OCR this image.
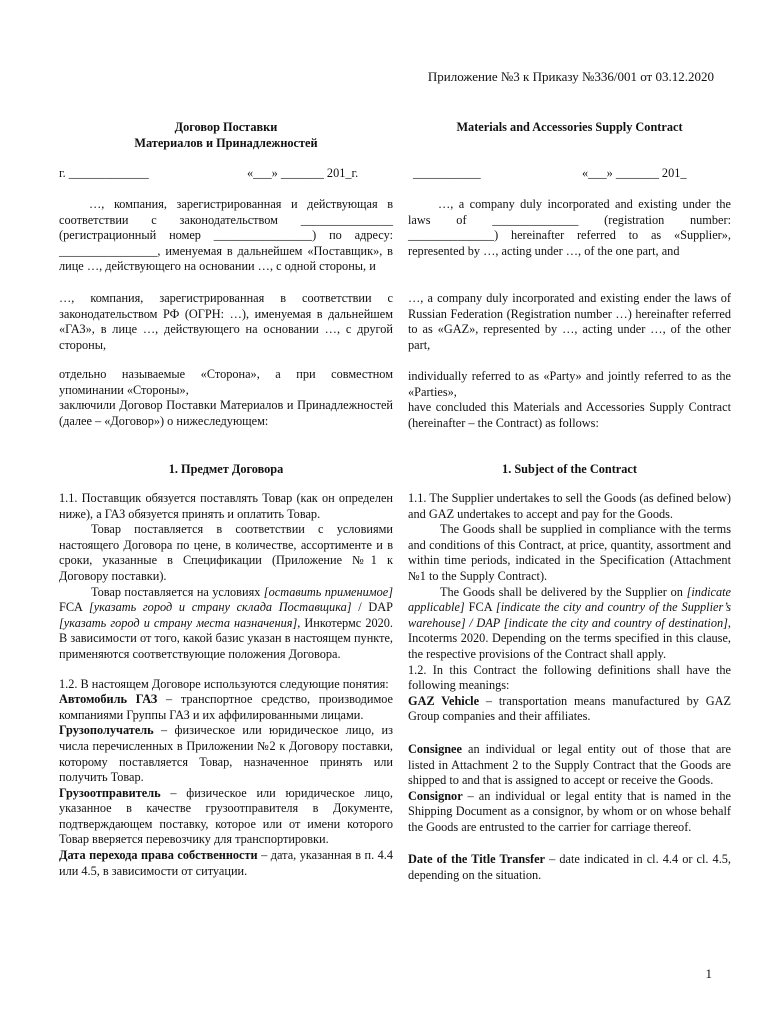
Приложение №3 к Приказу №336/001 от 03.12.2020
Договор Поставки
Материалов и Принадлежностей
Materials and Accessories Supply Contract
г. _____________	«___» _______ 201_г.	___________	«___» _______ 201_

…, компания, зарегистрированная и действующая в соответствии с законодательством _______________ (регистрационный номер ________________) по адресу: ________________, именуемая в дальнейшем «Поставщик», в лице …, действующего на основании …, с одной стороны, и

…, компания, зарегистрированная в соответствии с законодательством РФ (ОГРН: …), именуемая в дальнейшем «ГАЗ», в лице …, действующего на основании …, с другой стороны,

отдельно называемые «Сторона», а при совместном упоминании «Стороны»,

заключили Договор Поставки Материалов и Принадлежностей (далее – «Договор») о нижеследующем:

…, a company duly incorporated and existing under the laws of ______________ (registration number: ______________) hereinafter referred to as «Supplier», represented by …, acting under …, of the one part, and

…, a company duly incorporated and existing ender the laws of Russian Federation (Registration number …) hereinafter referred to as «GAZ», represented by …, acting under …, of the other part,

individually referred to as «Party» and jointly referred to as the «Parties»,

have concluded this Materials and Accessories Supply Contract (hereinafter – the Contract) as follows:

1. Предмет Договора	1. Subject of the Contract

1.1. Поставщик обязуется поставлять Товар (как он определен ниже), а ГАЗ обязуется принять и оплатить Товар.

Товар поставляется в соответствии с условиями настоящего Договора по цене, в количестве, ассортименте и в сроки, указанные в Спецификации (Приложение №1 к Договору поставки).

Товар поставляется на условиях [оставить применимое] FCA [указать город и страну склада Поставщика] / DAP [указать город и страну места назначения], Инкотермс 2020. В зависимости от того, какой базис указан в настоящем пункте, применяются соответствующие положения Договора.

1.2. В настоящем Договоре используются следующие понятия:

Автомобиль ГАЗ – транспортное средство, производимое компаниями Группы ГАЗ и их аффилированными лицами.

Грузополучатель – физическое или юридическое лицо, из числа перечисленных в Приложении №2 к Договору поставки, которому поставляется Товар, назначенное принять или получить Товар.

Грузоотправитель – физическое или юридическое лицо, указанное в качестве грузоотправителя в Документе, подтверждающем поставку, которое или от имени которого Товар вверяется перевозчику для транспортировки.

Дата перехода права собственности – дата, указанная в п. 4.4 или 4.5, в зависимости от ситуации.

1.1. The Supplier undertakes to sell the Goods (as defined below) and GAZ undertakes to accept and pay for the Goods.

The Goods shall be supplied in compliance with the terms and conditions of this Contract, at price, quantity, assortment and within time periods, indicated in the Specification (Attachment №1 to the Supply Contract).

The Goods shall be delivered by the Supplier on [indicate applicable] FCA [indicate the city and country of the Supplier’s warehouse] / DAP [indicate the city and country of destination], Incoterms 2020. Depending on the terms specified in this clause, the respective provisions of the Contract shall apply.

1.2. In this Contract the following definitions shall have the following meanings:

GAZ Vehicle – transportation means manufactured by GAZ Group companies and their affiliates.

Consignee an individual or legal entity out of those that are listed in Attachment 2 to the Supply Contract that the Goods are shipped to and that is assigned to accept or receive the Goods.

Consignor – an individual or legal entity that is named in the Shipping Document as a consignor, by whom or on whose behalf the Goods are entrusted to the carrier for carriage thereof.

Date of the Title Transfer – date indicated in cl. 4.4 or cl. 4.5, depending on the situation.

1
